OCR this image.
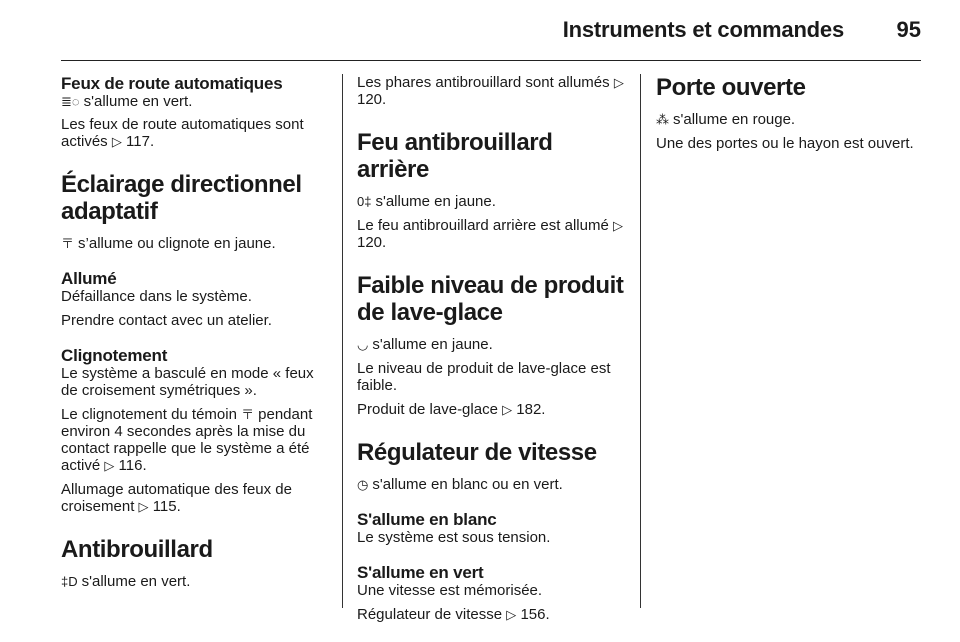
Instruments et commandes 95
Feux de route automatiques

≣◌ s'allume en vert.

Les feux de route automatiques sont activés ▷ 117.

Éclairage directionnel adaptatif

〒 s’allume ou clignote en jaune.

Allumé

Défaillance dans le système.

Prendre contact avec un atelier.

Clignotement

Le système a basculé en mode « feux de croisement symétriques ».

Le clignotement du témoin 〒 pendant environ 4 secondes après la mise du contact rappelle que le système a été activé ▷ 116.

Allumage automatique des feux de croisement ▷ 115.

Antibrouillard

‡D s'allume en vert.

Les phares antibrouillard sont allumés ▷ 120.

Feu antibrouillard arrière

0‡ s'allume en jaune.

Le feu antibrouillard arrière est allumé ▷ 120.

Faible niveau de produit de lave-glace

◡ s'allume en jaune.

Le niveau de produit de lave-glace est faible.

Produit de lave-glace ▷ 182.

Régulateur de vitesse

◷ s'allume en blanc ou en vert.

S'allume en blanc

Le système est sous tension.

S'allume en vert

Une vitesse est mémorisée.

Régulateur de vitesse ▷ 156.

Porte ouverte

⁂ s'allume en rouge.

Une des portes ou le hayon est ouvert.
